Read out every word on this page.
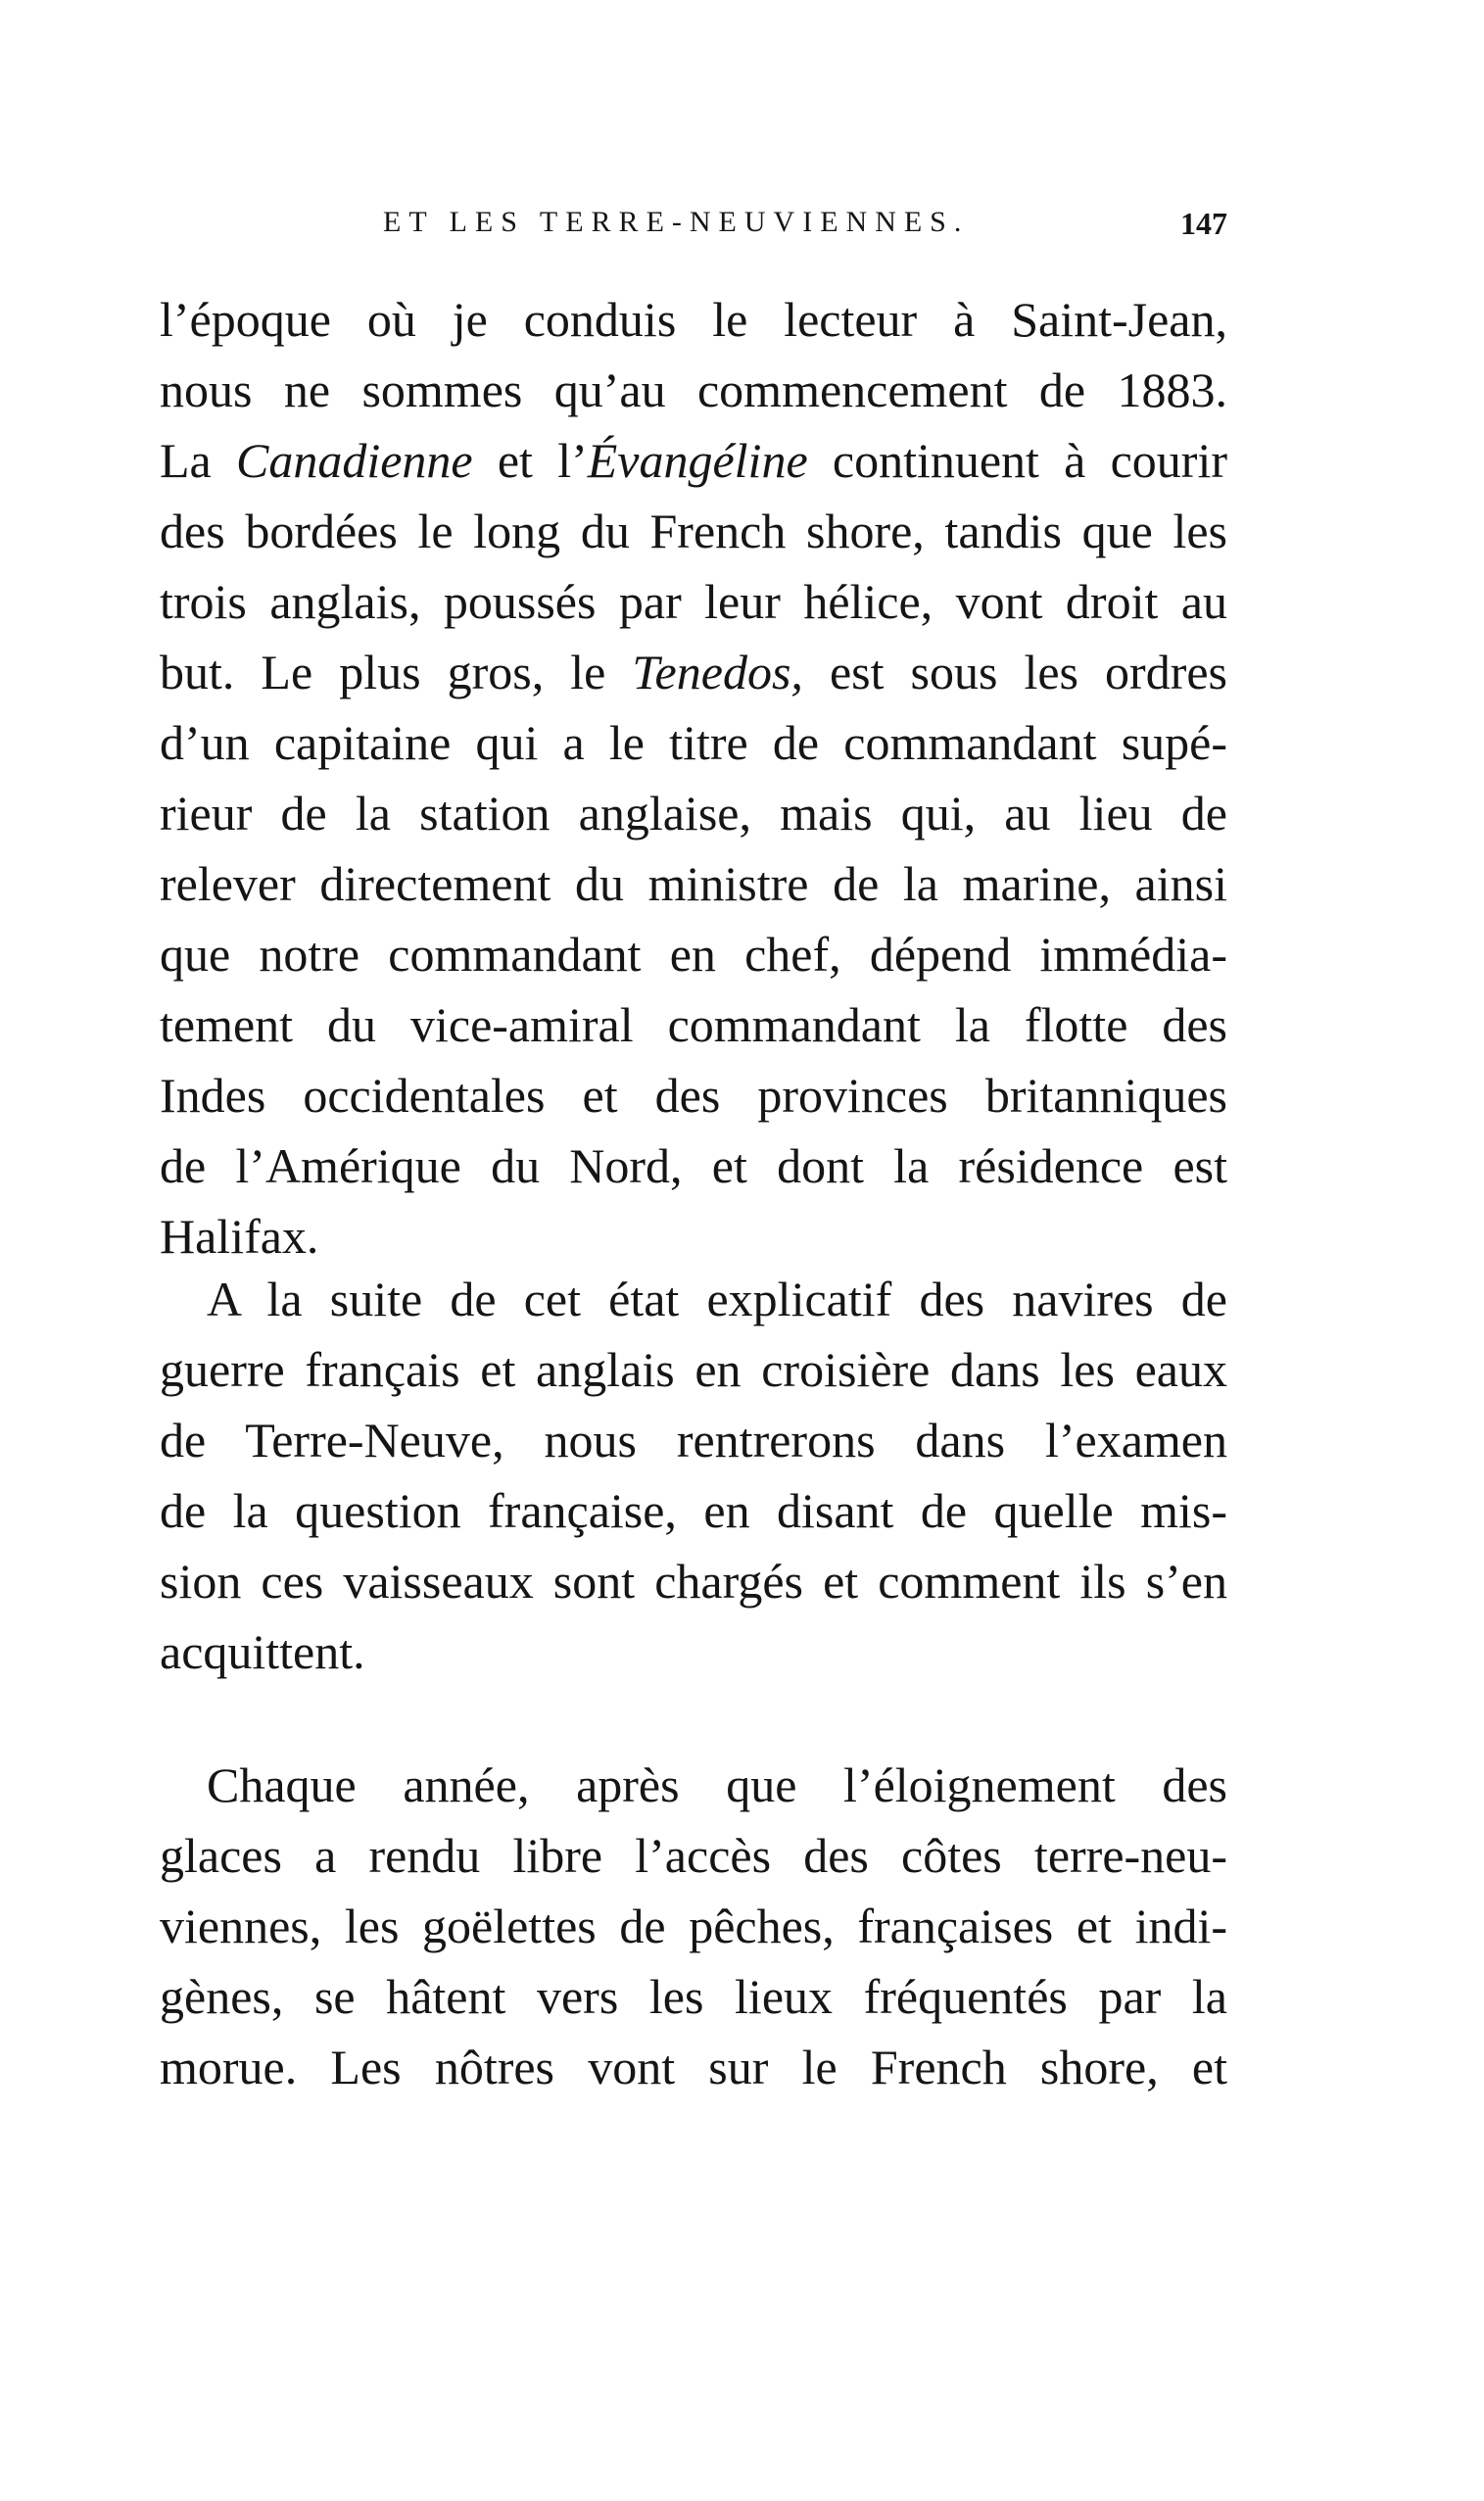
ET LES TERRE-NEUVIENNES.	147
l’époque où je conduis le lecteur à Saint-Jean,
nous ne sommes qu’au commencement de 1883.
La Canadienne et l’Évangéline continuent à courir
des bordées le long du French shore, tandis que les
trois anglais, poussés par leur hélice, vont droit au
but. Le plus gros, le Tenedos, est sous les ordres
d’un capitaine qui a le titre de commandant supé-
rieur de la station anglaise, mais qui, au lieu de
relever directement du ministre de la marine, ainsi
que notre commandant en chef, dépend immédia-
tement du vice-amiral commandant la flotte des
Indes occidentales et des provinces britanniques
de l’Amérique du Nord, et dont la résidence est
Halifax.
A la suite de cet état explicatif des navires de
guerre français et anglais en croisière dans les eaux
de Terre-Neuve, nous rentrerons dans l’examen
de la question française, en disant de quelle mis-
sion ces vaisseaux sont chargés et comment ils s’en
acquittent.
Chaque année, après que l’éloignement des
glaces a rendu libre l’accès des côtes terre-neu-
viennes, les goëlettes de pêches, françaises et indi-
gènes, se hâtent vers les lieux fréquentés par la
morue. Les nôtres vont sur le French shore, et
